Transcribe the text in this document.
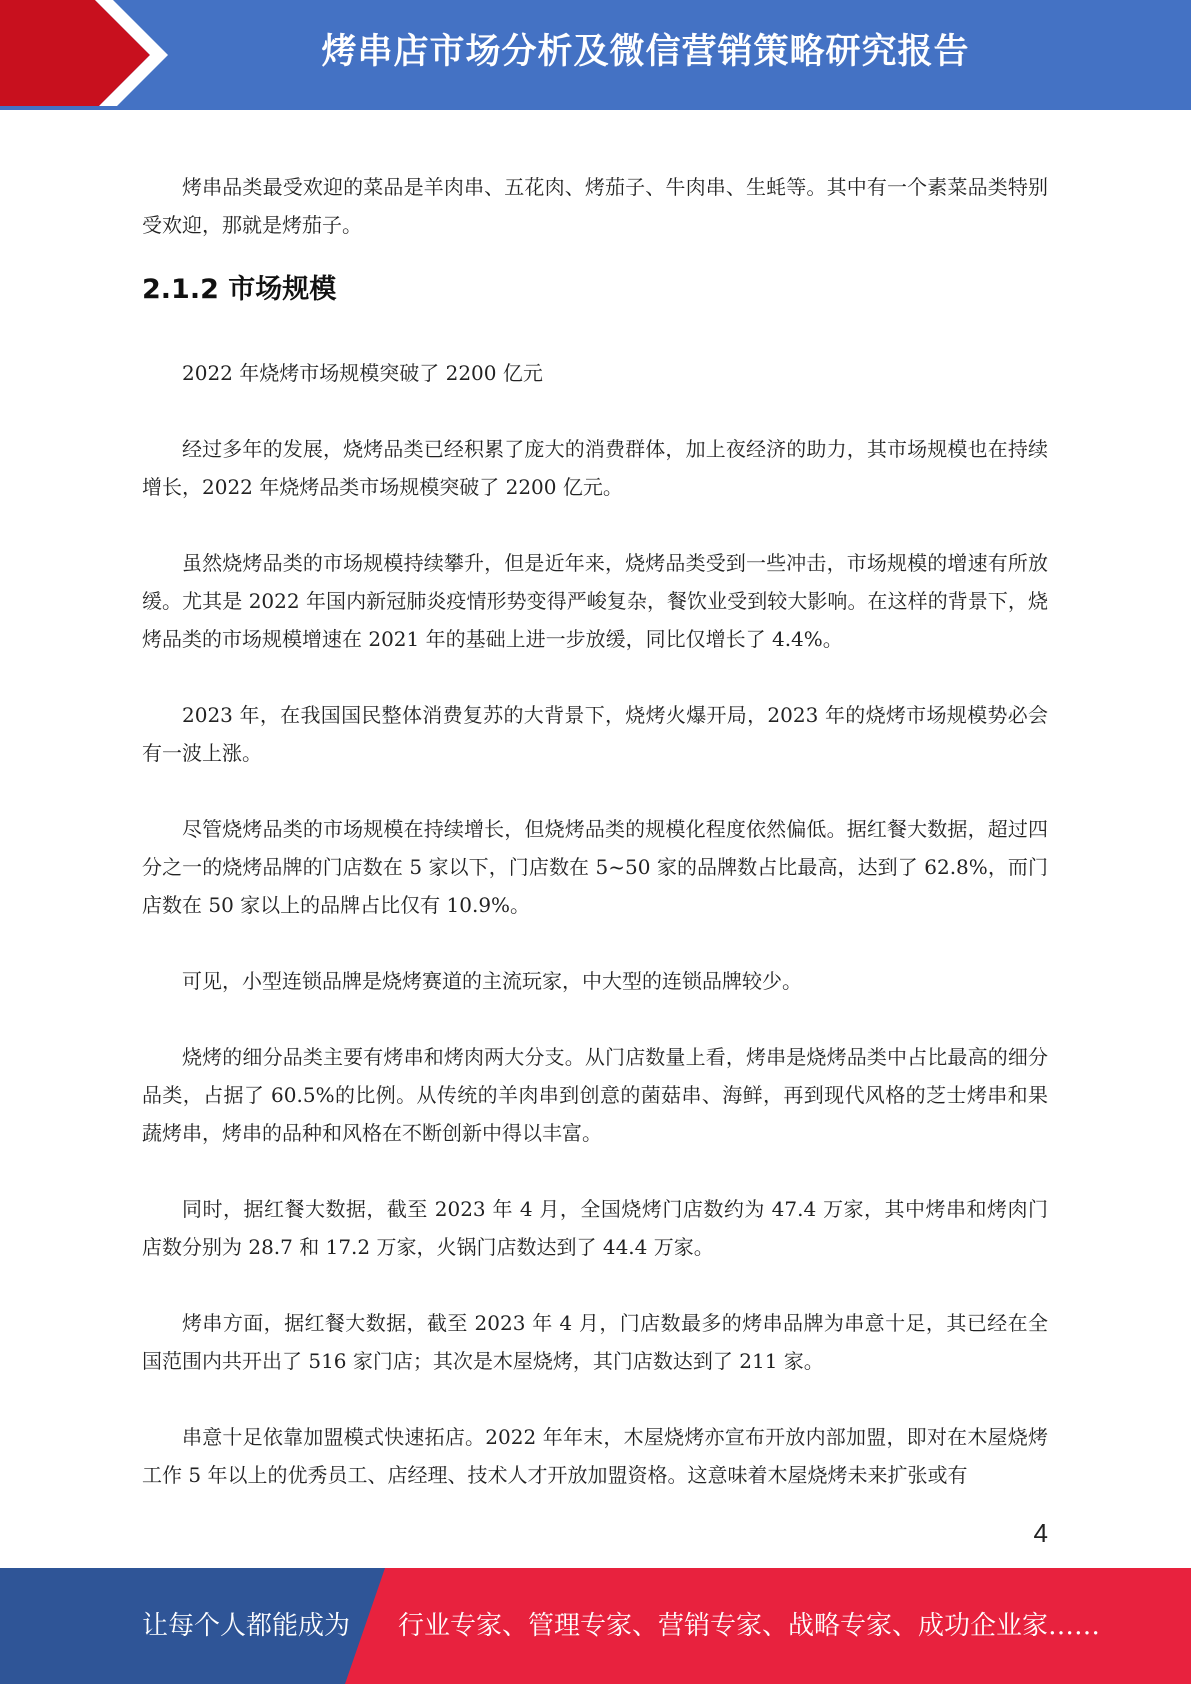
烤串店市场分析及微信营销策略研究报告

烤串品类最受欢迎的菜品是羊肉串、五花肉、烤茄子、牛肉串、生蚝等。其中有一个素菜品类特别受欢迎，那就是烤茄子。

2.1.2 市场规模

2022 年烧烤市场规模突破了 2200 亿元

经过多年的发展，烧烤品类已经积累了庞大的消费群体，加上夜经济的助力，其市场规模也在持续增长，2022 年烧烤品类市场规模突破了 2200 亿元。

虽然烧烤品类的市场规模持续攀升，但是近年来，烧烤品类受到一些冲击，市场规模的增速有所放缓。尤其是 2022 年国内新冠肺炎疫情形势变得严峻复杂，餐饮业受到较大影响。在这样的背景下，烧烤品类的市场规模增速在 2021 年的基础上进一步放缓，同比仅增长了 4.4%。

2023 年，在我国国民整体消费复苏的大背景下，烧烤火爆开局，2023 年的烧烤市场规模势必会有一波上涨。

尽管烧烤品类的市场规模在持续增长，但烧烤品类的规模化程度依然偏低。据红餐大数据，超过四分之一的烧烤品牌的门店数在 5 家以下，门店数在 5~50 家的品牌数占比最高，达到了 62.8%，而门店数在 50 家以上的品牌占比仅有 10.9%。

可见，小型连锁品牌是烧烤赛道的主流玩家，中大型的连锁品牌较少。

烧烤的细分品类主要有烤串和烤肉两大分支。从门店数量上看，烤串是烧烤品类中占比最高的细分品类，占据了 60.5%的比例。从传统的羊肉串到创意的菌菇串、海鲜，再到现代风格的芝士烤串和果蔬烤串，烤串的品种和风格在不断创新中得以丰富。

同时，据红餐大数据，截至 2023 年 4 月，全国烧烤门店数约为 47.4 万家，其中烤串和烤肉门店数分别为 28.7 和 17.2 万家，火锅门店数达到了 44.4 万家。

烤串方面，据红餐大数据，截至 2023 年 4 月，门店数最多的烤串品牌为串意十足，其已经在全国范围内共开出了 516 家门店；其次是木屋烧烤，其门店数达到了 211 家。

串意十足依靠加盟模式快速拓店。2022 年年末，木屋烧烤亦宣布开放内部加盟，即对在木屋烧烤工作 5 年以上的优秀员工、店经理、技术人才开放加盟资格。这意味着木屋烧烤未来扩张或有

4
让每个人都能成为 行业专家、管理专家、营销专家、战略专家、成功企业家……
